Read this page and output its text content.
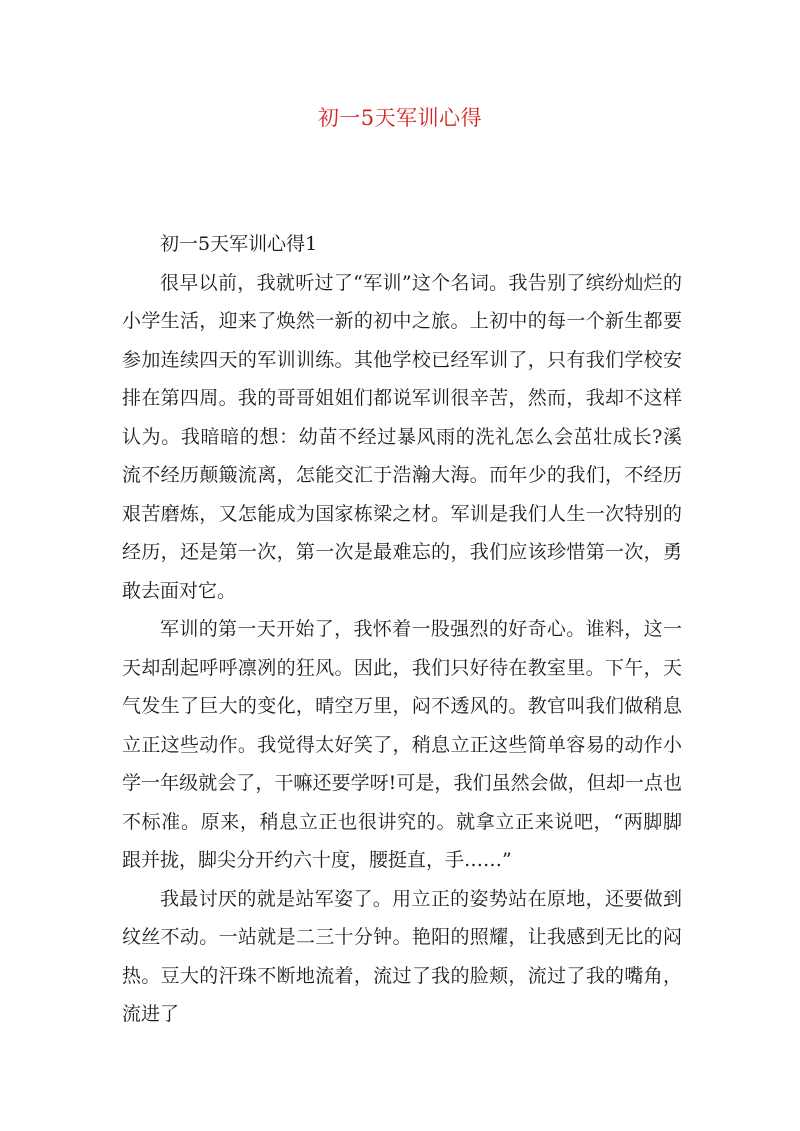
初一5天军训心得

初一5天军训心得1

很早以前，我就听过了“军训”这个名词。我告别了缤纷灿烂的小学生活，迎来了焕然一新的初中之旅。上初中的每一个新生都要参加连续四天的军训训练。其他学校已经军训了，只有我们学校安排在第四周。我的哥哥姐姐们都说军训很辛苦，然而，我却不这样认为。我暗暗的想：幼苗不经过暴风雨的洗礼怎么会茁壮成长?溪流不经历颠簸流离，怎能交汇于浩瀚大海。而年少的我们，不经历艰苦磨炼，又怎能成为国家栋梁之材。军训是我们人生一次特别的经历，还是第一次，第一次是最难忘的，我们应该珍惜第一次，勇敢去面对它。

军训的第一天开始了，我怀着一股强烈的好奇心。谁料，这一天却刮起呼呼凛冽的狂风。因此，我们只好待在教室里。下午，天气发生了巨大的变化，晴空万里，闷不透风的。教官叫我们做稍息立正这些动作。我觉得太好笑了，稍息立正这些简单容易的动作小学一年级就会了，干嘛还要学呀!可是，我们虽然会做，但却一点也不标准。原来，稍息立正也很讲究的。就拿立正来说吧，“两脚脚跟并拢，脚尖分开约六十度，腰挺直，手……”

我最讨厌的就是站军姿了。用立正的姿势站在原地，还要做到纹丝不动。一站就是二三十分钟。艳阳的照耀，让我感到无比的闷热。豆大的汗珠不断地流着，流过了我的脸颊，流过了我的嘴角，流进了
